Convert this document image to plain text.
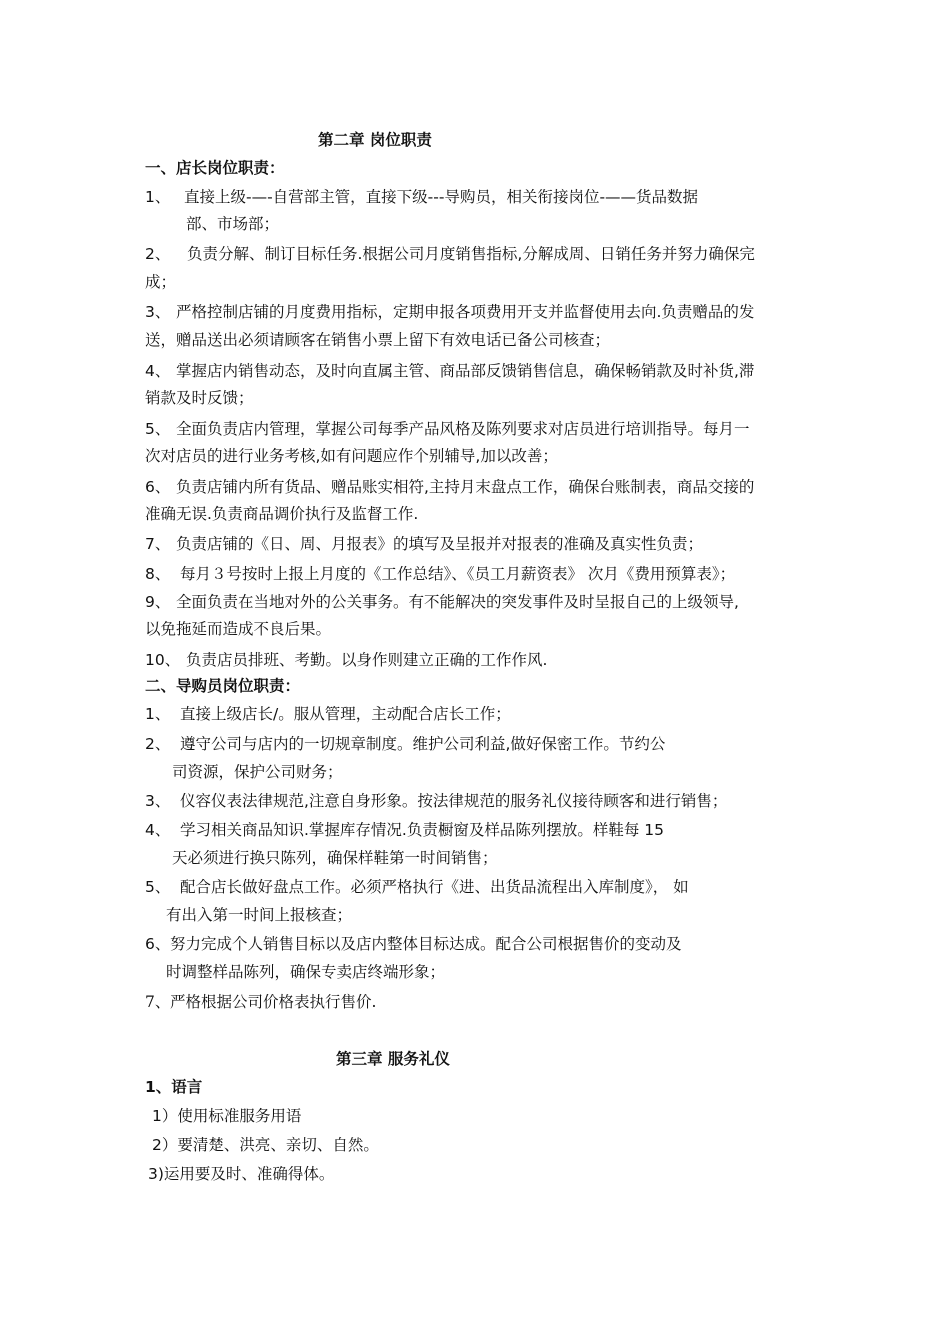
第二章 岗位职责
一、店长岗位职责：
1、 直接上级-—-自营部主管，直接下级---导购员，相关衔接岗位-——货品数据
部、市场部；
2、 负责分解、制订目标任务.根据公司月度销售指标,分解成周、日销任务并努力确保完
成；
3、 严格控制店铺的月度费用指标，定期申报各项费用开支并监督使用去向.负责赠品的发
送，赠品送出必须请顾客在销售小票上留下有效电话已备公司核查；
4、 掌握店内销售动态，及时向直属主管、商品部反馈销售信息，确保畅销款及时补货,滞
销款及时反馈；
5、 全面负责店内管理，掌握公司每季产品风格及陈列要求对店员进行培训指导。每月一
次对店员的进行业务考核,如有问题应作个别辅导,加以改善；
6、 负责店铺内所有货品、赠品账实相符,主持月末盘点工作，确保台账制表，商品交接的
准确无误.负责商品调价执行及监督工作.
7、 负责店铺的《日、周、月报表》的填写及呈报并对报表的准确及真实性负责；
8、 每月３号按时上报上月度的《工作总结》、《员工月薪资表》 次月《费用预算表》；
9、 全面负责在当地对外的公关事务。有不能解决的突发事件及时呈报自己的上级领导,
以免拖延而造成不良后果。
10、 负责店员排班、考勤。以身作则建立正确的工作作风.
二、导购员岗位职责：
1、 直接上级店长/。服从管理，主动配合店长工作；
2、 遵守公司与店内的一切规章制度。维护公司利益,做好保密工作。节约公
司资源，保护公司财务；
3、 仪容仪表法律规范,注意自身形象。按法律规范的服务礼仪接待顾客和进行销售；
4、 学习相关商品知识.掌握库存情况.负责橱窗及样品陈列摆放。样鞋每 15
天必须进行换只陈列，确保样鞋第一时间销售；
5、 配合店长做好盘点工作。必须严格执行《进、出货品流程出入库制度》， 如
有出入第一时间上报核查；
6、 努力完成个人销售目标以及店内整体目标达成。配合公司根据售价的变动及
时调整样品陈列，确保专卖店终端形象；
7、 严格根据公司价格表执行售价.
第三章 服务礼仪
1、语言
1）使用标准服务用语
2）要清楚、洪亮、亲切、自然。
3)运用要及时、准确得体。
